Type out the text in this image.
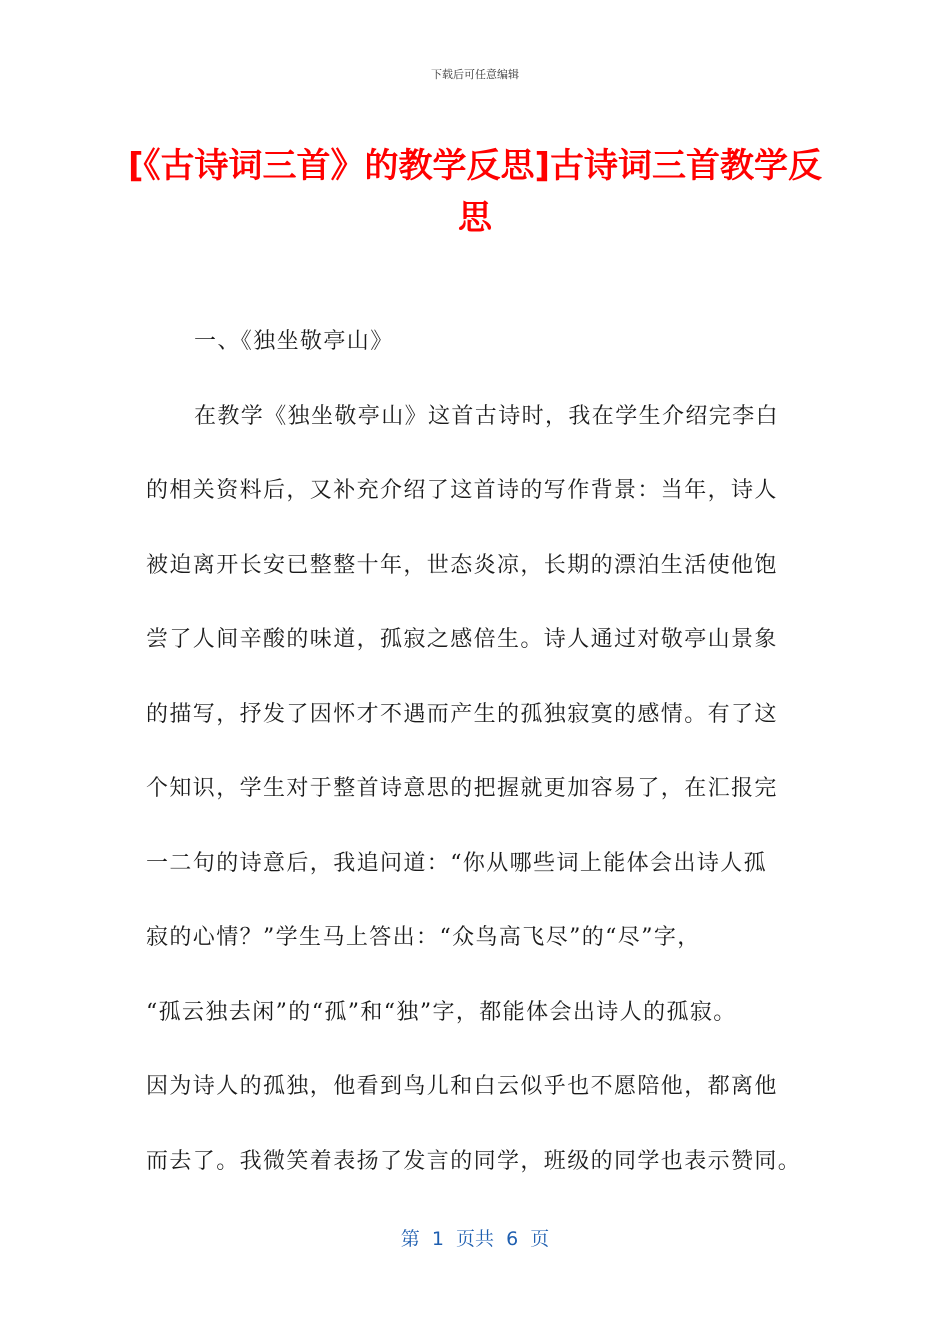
下载后可任意编辑
[《古诗词三首》的教学反思]古诗词三首教学反思
一、《独坐敬亭山》
在教学《独坐敬亭山》这首古诗时，我在学生介绍完李白
的相关资料后，又补充介绍了这首诗的写作背景：当年，诗人
被迫离开长安已整整十年，世态炎凉，长期的漂泊生活使他饱
尝了人间辛酸的味道，孤寂之感倍生。诗人通过对敬亭山景象
的描写，抒发了因怀才不遇而产生的孤独寂寞的感情。有了这
个知识，学生对于整首诗意思的把握就更加容易了，在汇报完
一二句的诗意后，我追问道：“你从哪些词上能体会出诗人孤
寂的心情？”学生马上答出：“众鸟高飞尽”的“尽”字，
“孤云独去闲”的“孤”和“独”字，都能体会出诗人的孤寂。
因为诗人的孤独，他看到鸟儿和白云似乎也不愿陪他，都离他
而去了。我微笑着表扬了发言的同学，班级的同学也表示赞同。
第  1  页共  6  页
